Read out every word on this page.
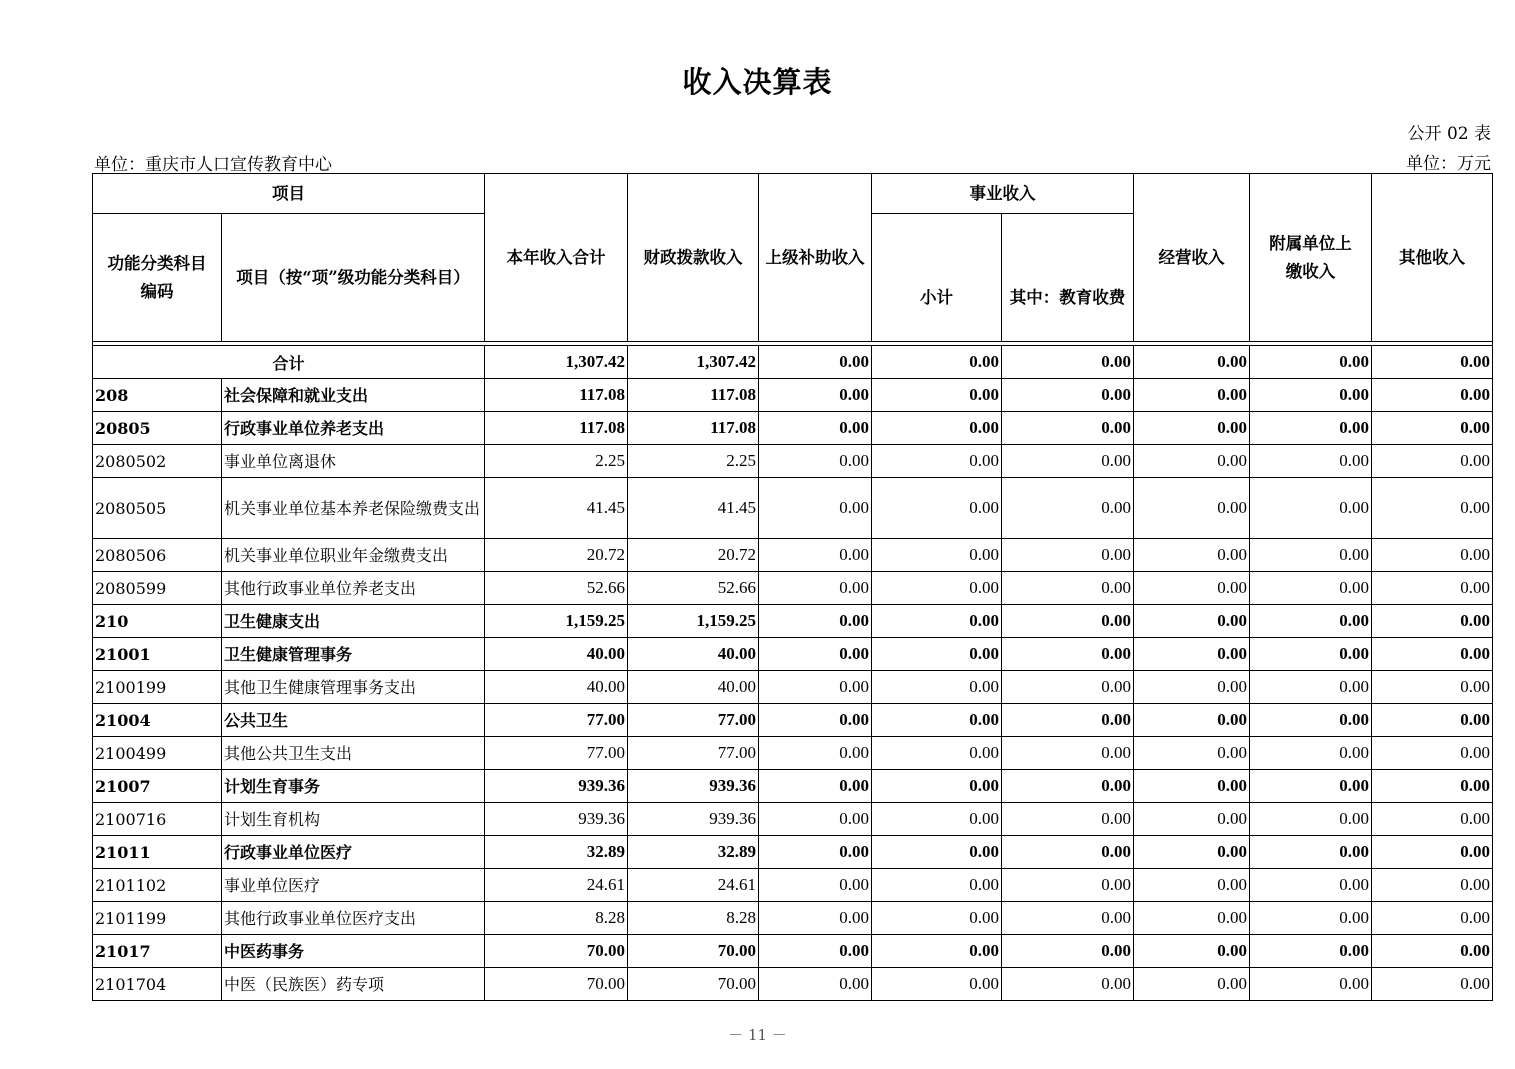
收入决算表
公开 02 表
单位：重庆市人口宣传教育中心	单位：万元
项目		本年收入合计	财政拨款收入	上级补助收入	事业收入		经营收入	附属单位上缴收入	其他收入
功能分类科目编码	项目（按“项”级功能分类科目）				小计	其中：教育收费			

合计		1,307.42	1,307.42	0.00	0.00	0.00	0.00	0.00	0.00
208	社会保障和就业支出	117.08	117.08	0.00	0.00	0.00	0.00	0.00	0.00
20805	行政事业单位养老支出	117.08	117.08	0.00	0.00	0.00	0.00	0.00	0.00
2080502	事业单位离退休	2.25	2.25	0.00	0.00	0.00	0.00	0.00	0.00
2080505	机关事业单位基本养老保险缴费支出	41.45	41.45	0.00	0.00	0.00	0.00	0.00	0.00
2080506	机关事业单位职业年金缴费支出	20.72	20.72	0.00	0.00	0.00	0.00	0.00	0.00
2080599	其他行政事业单位养老支出	52.66	52.66	0.00	0.00	0.00	0.00	0.00	0.00
210	卫生健康支出	1,159.25	1,159.25	0.00	0.00	0.00	0.00	0.00	0.00
21001	卫生健康管理事务	40.00	40.00	0.00	0.00	0.00	0.00	0.00	0.00
2100199	其他卫生健康管理事务支出	40.00	40.00	0.00	0.00	0.00	0.00	0.00	0.00
21004	公共卫生	77.00	77.00	0.00	0.00	0.00	0.00	0.00	0.00
2100499	其他公共卫生支出	77.00	77.00	0.00	0.00	0.00	0.00	0.00	0.00
21007	计划生育事务	939.36	939.36	0.00	0.00	0.00	0.00	0.00	0.00
2100716	计划生育机构	939.36	939.36	0.00	0.00	0.00	0.00	0.00	0.00
21011	行政事业单位医疗	32.89	32.89	0.00	0.00	0.00	0.00	0.00	0.00
2101102	事业单位医疗	24.61	24.61	0.00	0.00	0.00	0.00	0.00	0.00
2101199	其他行政事业单位医疗支出	8.28	8.28	0.00	0.00	0.00	0.00	0.00	0.00
21017	中医药事务	70.00	70.00	0.00	0.00	0.00	0.00	0.00	0.00
2101704	中医（民族医）药专项	70.00	70.00	0.00	0.00	0.00	0.00	0.00	0.00
－ 11 －
